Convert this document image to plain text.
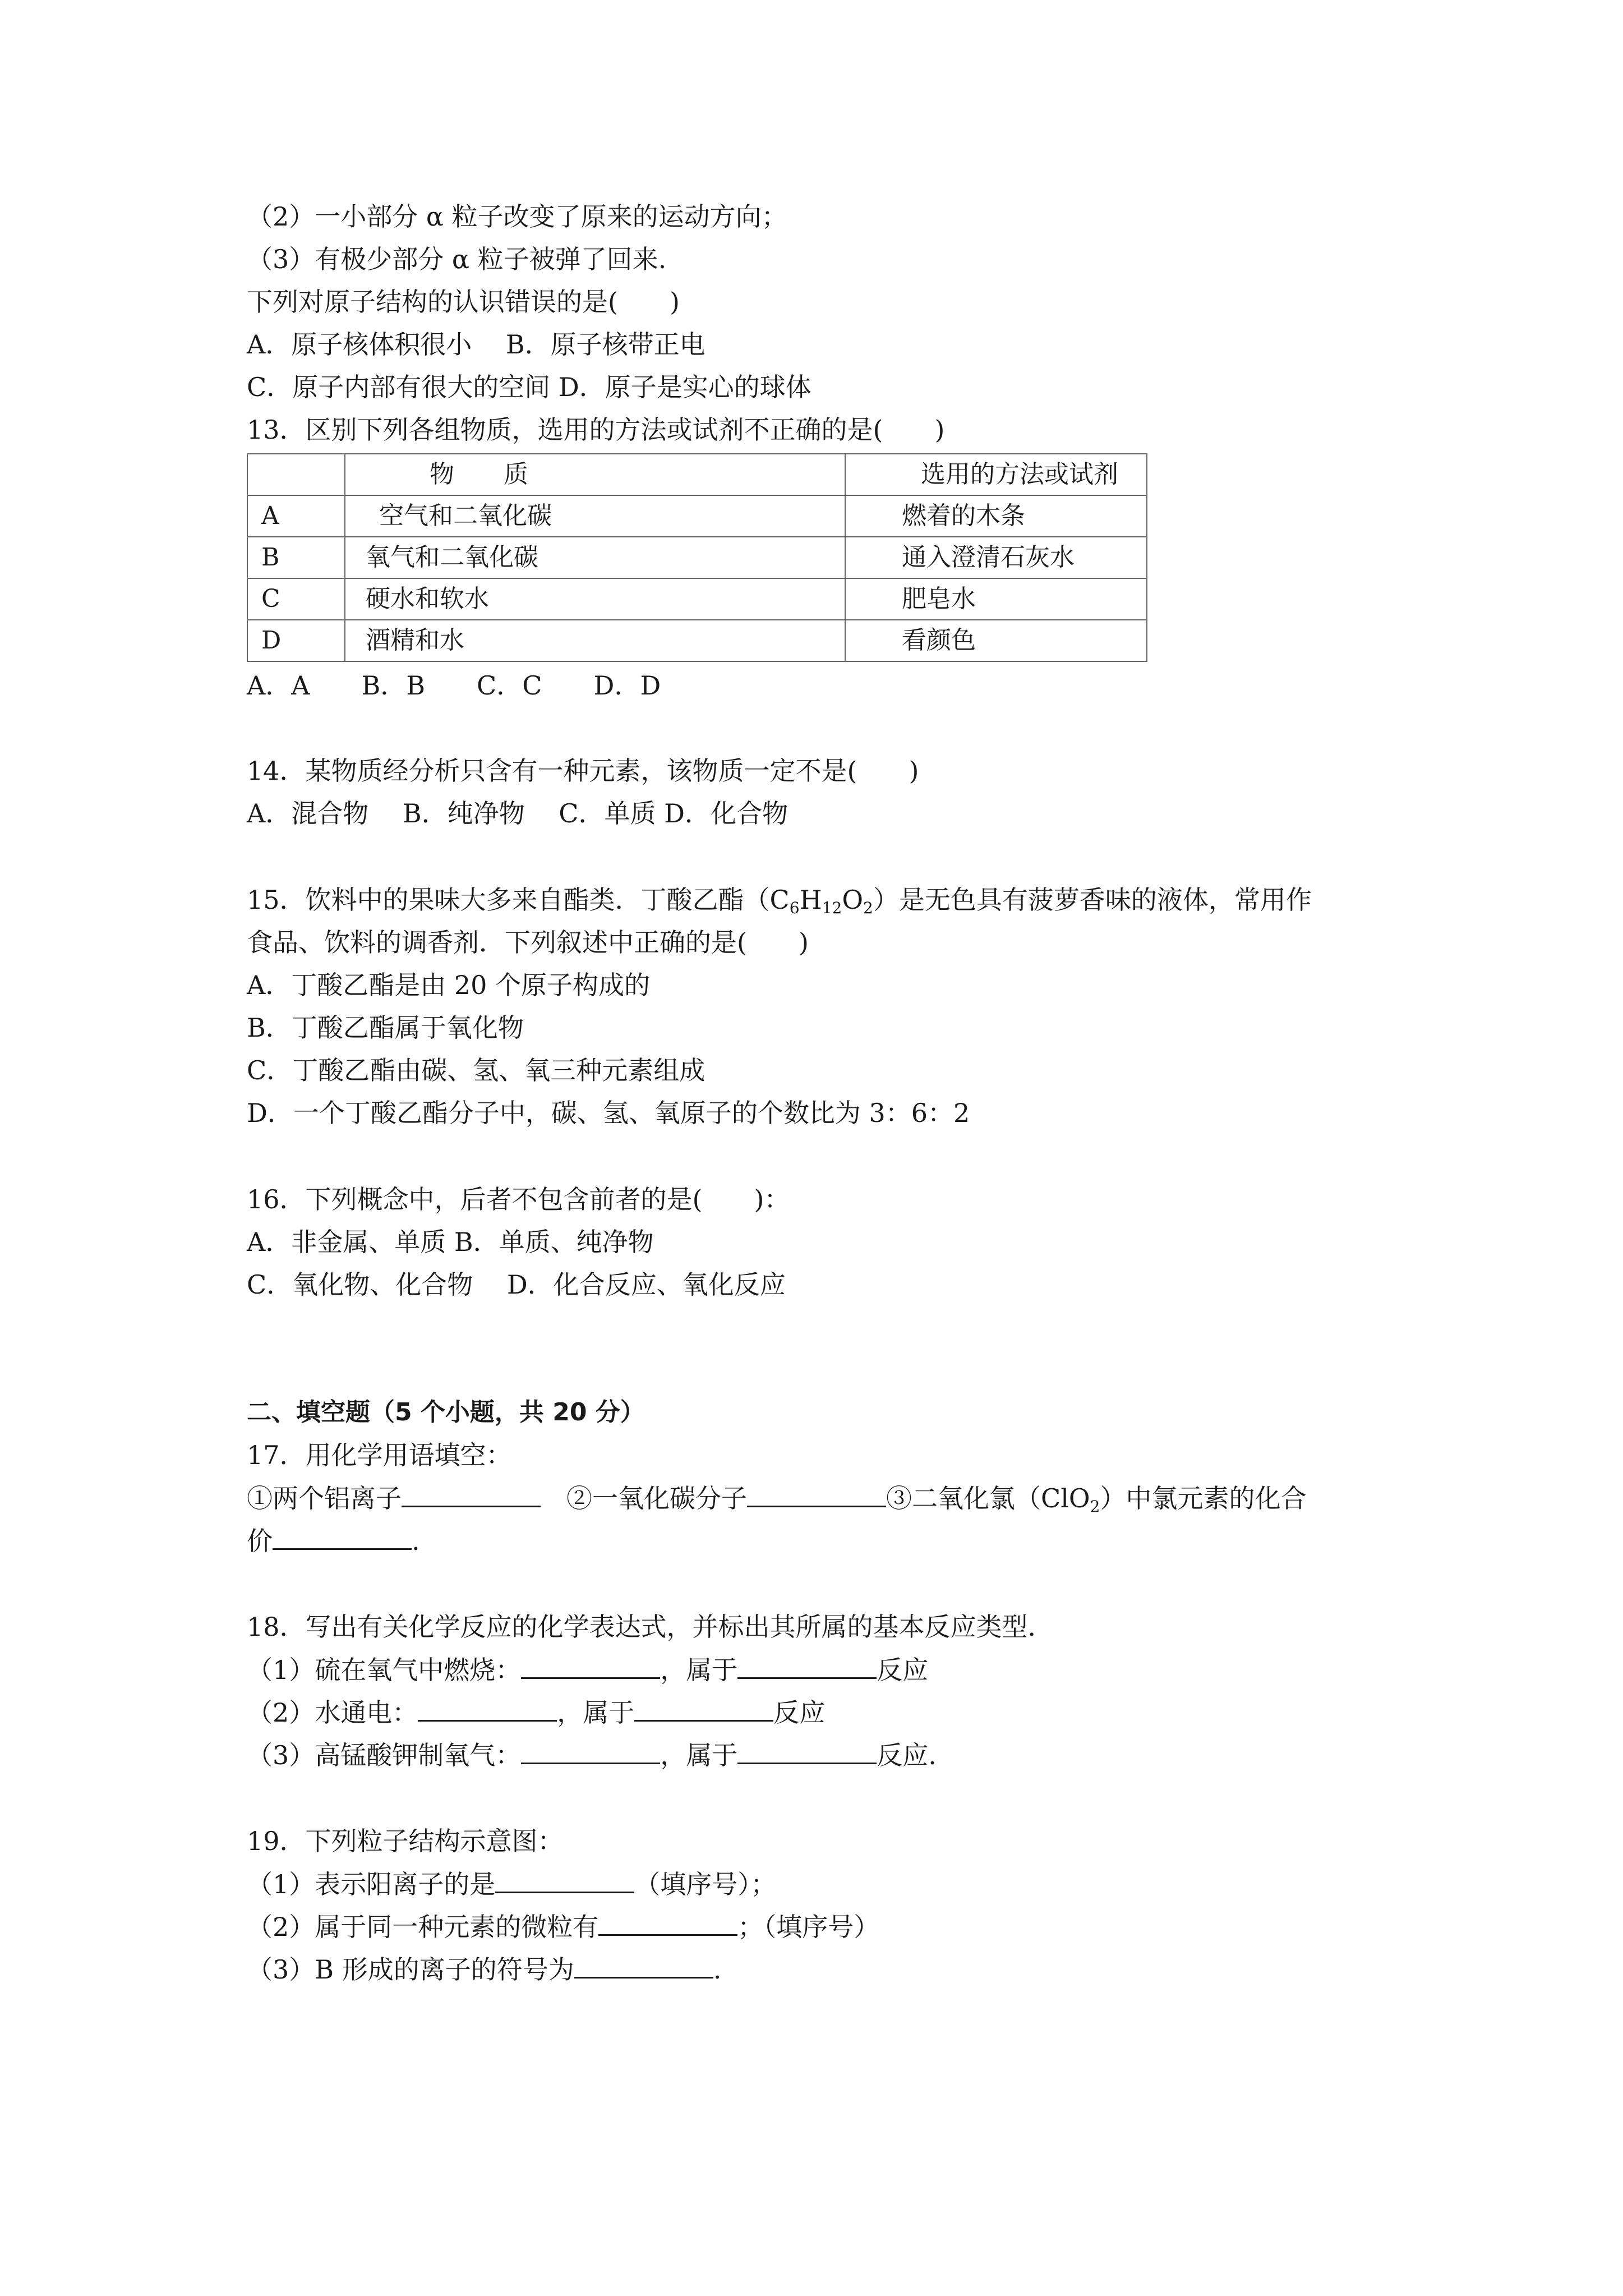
（2）一小部分 α 粒子改变了原来的运动方向；
（3）有极少部分 α 粒子被弹了回来.
下列对原子结构的认识错误的是(　　)
A．原子核体积很小　 B．原子核带正电
C．原子内部有很大的空间 D．原子是实心的球体
13．区别下列各组物质，选用的方法或试剂不正确的是(　　)
	物　　质	选用的方法或试剂
A	空气和二氧化碳	燃着的木条
B	氧气和二氧化碳	通入澄清石灰水
C	硬水和软水	肥皂水
D	酒精和水	看颜色
A．A　　B．B　　C．C　　D．D
14．某物质经分析只含有一种元素，该物质一定不是(　　)
A．混合物　 B．纯净物　 C．单质 D．化合物
15．饮料中的果味大多来自酯类．丁酸乙酯$(C_6H_{12}O_2)$是无色具有菠萝香味的液体，常用作
食品、饮料的调香剂．下列叙述中正确的是(　　)
A．丁酸乙酯是由 20 个原子构成的
B．丁酸乙酯属于氧化物
C．丁酸乙酯由碳、氢、氧三种元素组成
D．一个丁酸乙酯分子中，碳、氢、氧原子的个数比为 3：6：2
16．下列概念中，后者不包含前者的是(　　)：
A．非金属、单质 B．单质、纯净物
C．氧化物、化合物　 D．化合反应、氧化反应
二、填空题（5 个小题，共 20 分）
17．用化学用语填空：
①两个铝离子	　②一氧化碳分子	③二氧化氯（ClO$_2$）中氯元素的化合
价	.
18．写出有关化学反应的化学表达式，并标出其所属的基本反应类型．
（1）硫在氧气中燃烧：	，属于	反应
（2）水通电：	，属于	反应
（3）高锰酸钾制氧气：	，属于	反应.
19．下列粒子结构示意图：
（1）表示阳离子的是	（填序号）；
（2）属于同一种元素的微粒有	；（填序号）
（3）B 形成的离子的符号为	.
